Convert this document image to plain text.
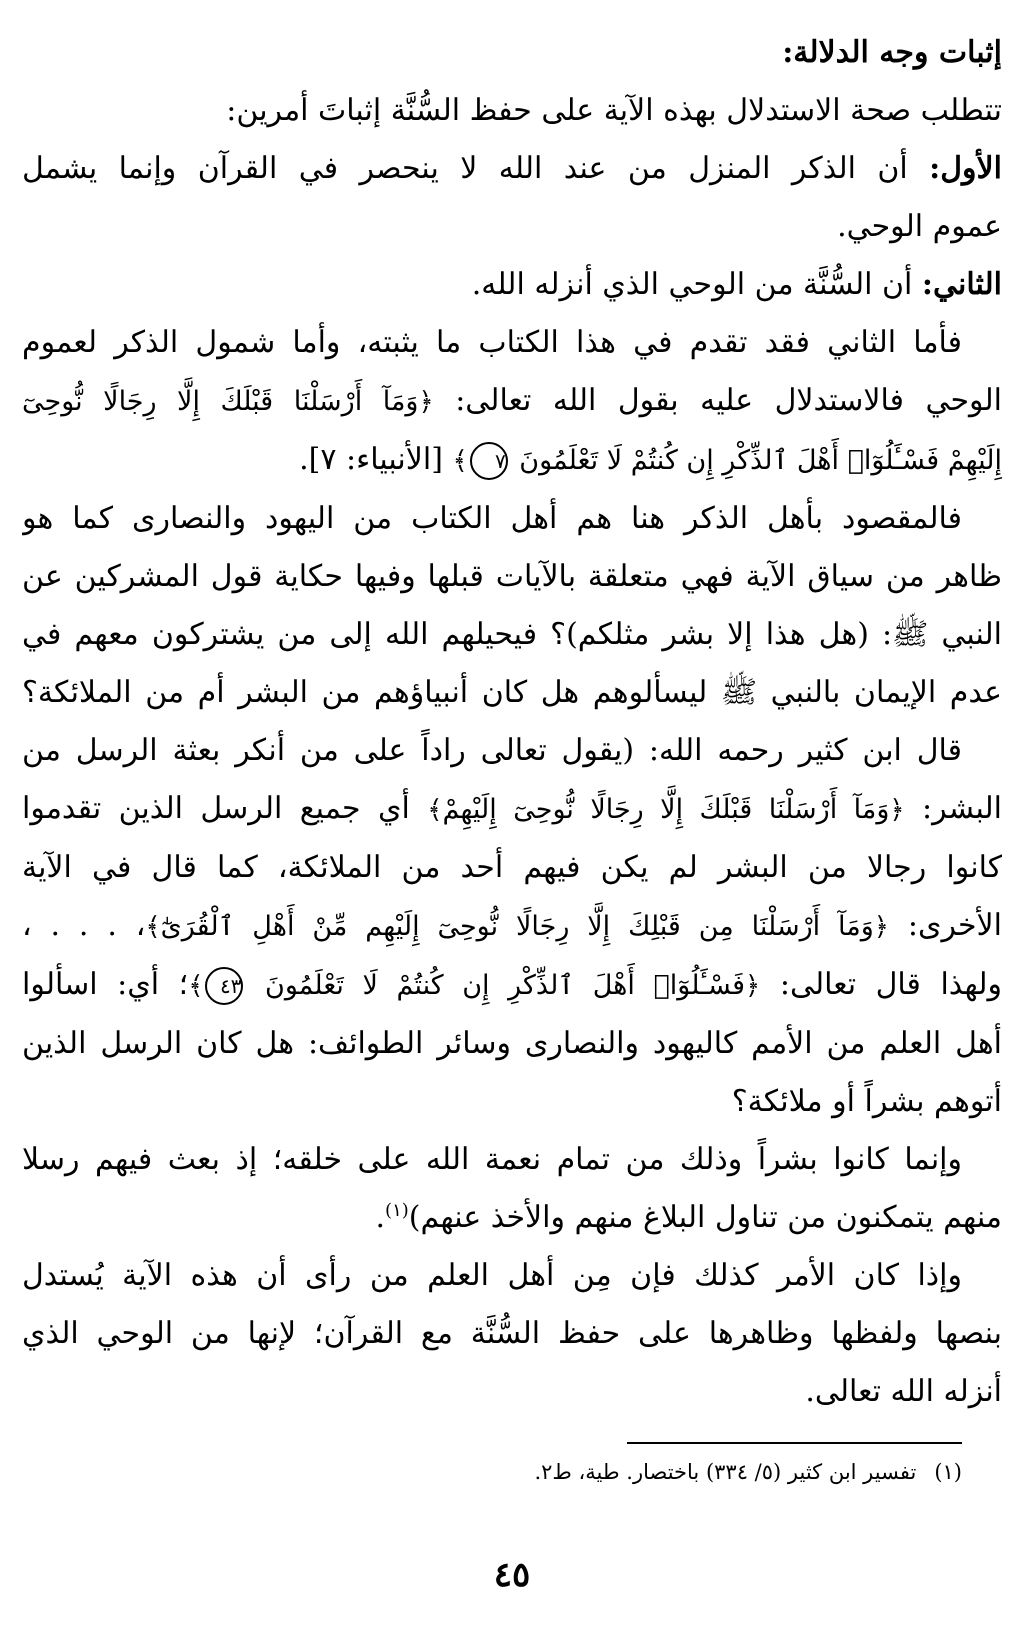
إثبات وجه الدلالة:
تتطلب صحة الاستدلال بهذه الآية على حفظ السُّنَّة إثباتَ أمرين:
الأول: أن الذكر المنزل من عند الله لا ينحصر في القرآن وإنما يشمل
عموم الوحي.
الثاني: أن السُّنَّة من الوحي الذي أنزله الله.
فأما الثاني فقد تقدم في هذا الكتاب ما يثبته، وأما شمول الذكر لعموم
الوحي فالاستدلال عليه بقول الله تعالى: ﴿وَمَآ أَرْسَلْنَا قَبْلَكَ إِلَّا رِجَالًا نُّوحِىٓ
إِلَيْهِمْ فَسْـَٔلُوٓا۟ أَهْلَ ٱلذِّكْرِ إِن كُنتُمْ لَا تَعْلَمُونَ ٧﴾ [الأنبياء: ٧].
فالمقصود بأهل الذكر هنا هم أهل الكتاب من اليهود والنصارى كما هو
ظاهر من سياق الآية فهي متعلقة بالآيات قبلها وفيها حكاية قول المشركين عن
النبي ﷺ: (هل هذا إلا بشر مثلكم)؟ فيحيلهم الله إلى من يشتركون معهم في
عدم الإيمان بالنبي ﷺ ليسألوهم هل كان أنبياؤهم من البشر أم من الملائكة؟
قال ابن كثير رحمه الله: (يقول تعالى راداً على من أنكر بعثة الرسل من
البشر: ﴿وَمَآ أَرْسَلْنَا قَبْلَكَ إِلَّا رِجَالًا نُّوحِىٓ إِلَيْهِمْ﴾ أي جميع الرسل الذين تقدموا
كانوا رجالا من البشر لم يكن فيهم أحد من الملائكة، كما قال في الآية
الأخرى: ﴿وَمَآ أَرْسَلْنَا مِن قَبْلِكَ إِلَّا رِجَالًا نُّوحِىٓ إِلَيْهِم مِّنْ أَهْلِ ٱلْقُرَىٰٓ﴾، . . . ،
ولهذا قال تعالى: ﴿فَسْـَٔلُوٓا۟ أَهْلَ ٱلذِّكْرِ إِن كُنتُمْ لَا تَعْلَمُونَ ٤٣﴾؛ أي: اسألوا
أهل العلم من الأمم كاليهود والنصارى وسائر الطوائف: هل كان الرسل الذين
أتوهم بشراً أو ملائكة؟
وإنما كانوا بشراً وذلك من تمام نعمة الله على خلقه؛ إذ بعث فيهم رسلا
منهم يتمكنون من تناول البلاغ منهم والأخذ عنهم)$^{(١)}$.
وإذا كان الأمر كذلك فإن مِن أهل العلم من رأى أن هذه الآية يُستدل
بنصها ولفظها وظاهرها على حفظ السُّنَّة مع القرآن؛ لإنها من الوحي الذي
أنزله الله تعالى.
(١)تفسير ابن كثير (٥/ ٣٣٤) باختصار. طية، ط٢.
٤٥
